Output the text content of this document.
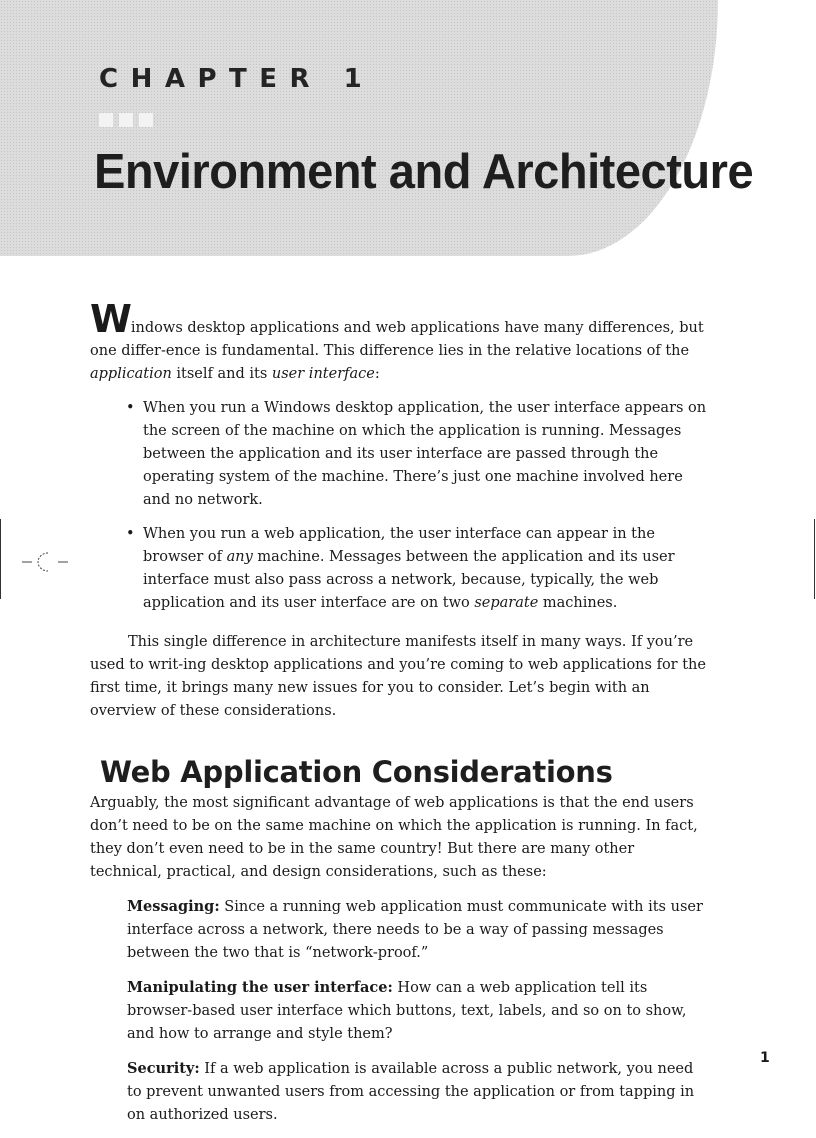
CHAPTER 1
Environment and Architecture

Windows desktop applications and web applications have many differences, but one differ-ence is fundamental. This difference lies in the relative locations of the application itself and its user interface:

• When you run a Windows desktop application, the user interface appears on the screen of the machine on which the application is running. Messages between the application and its user interface are passed through the operating system of the machine. There’s just one machine involved here and no network.

• When you run a web application, the user interface can appear in the browser of any machine. Messages between the application and its user interface must also pass across a network, because, typically, the web application and its user interface are on two separate machines.

This single difference in architecture manifests itself in many ways. If you’re used to writ-ing desktop applications and you’re coming to web applications for the first time, it brings many new issues for you to consider. Let’s begin with an overview of these considerations.

Web Application Considerations

Arguably, the most significant advantage of web applications is that the end users don’t need to be on the same machine on which the application is running. In fact, they don’t even need to be in the same country! But there are many other technical, practical, and design considerations, such as these:

Messaging: Since a running web application must communicate with its user interface across a network, there needs to be a way of passing messages between the two that is “network-proof.”

Manipulating the user interface: How can a web application tell its browser-based user interface which buttons, text, labels, and so on to show, and how to arrange and style them?

Security: If a web application is available across a public network, you need to prevent unwanted users from accessing the application or from tapping in on authorized users.

1
